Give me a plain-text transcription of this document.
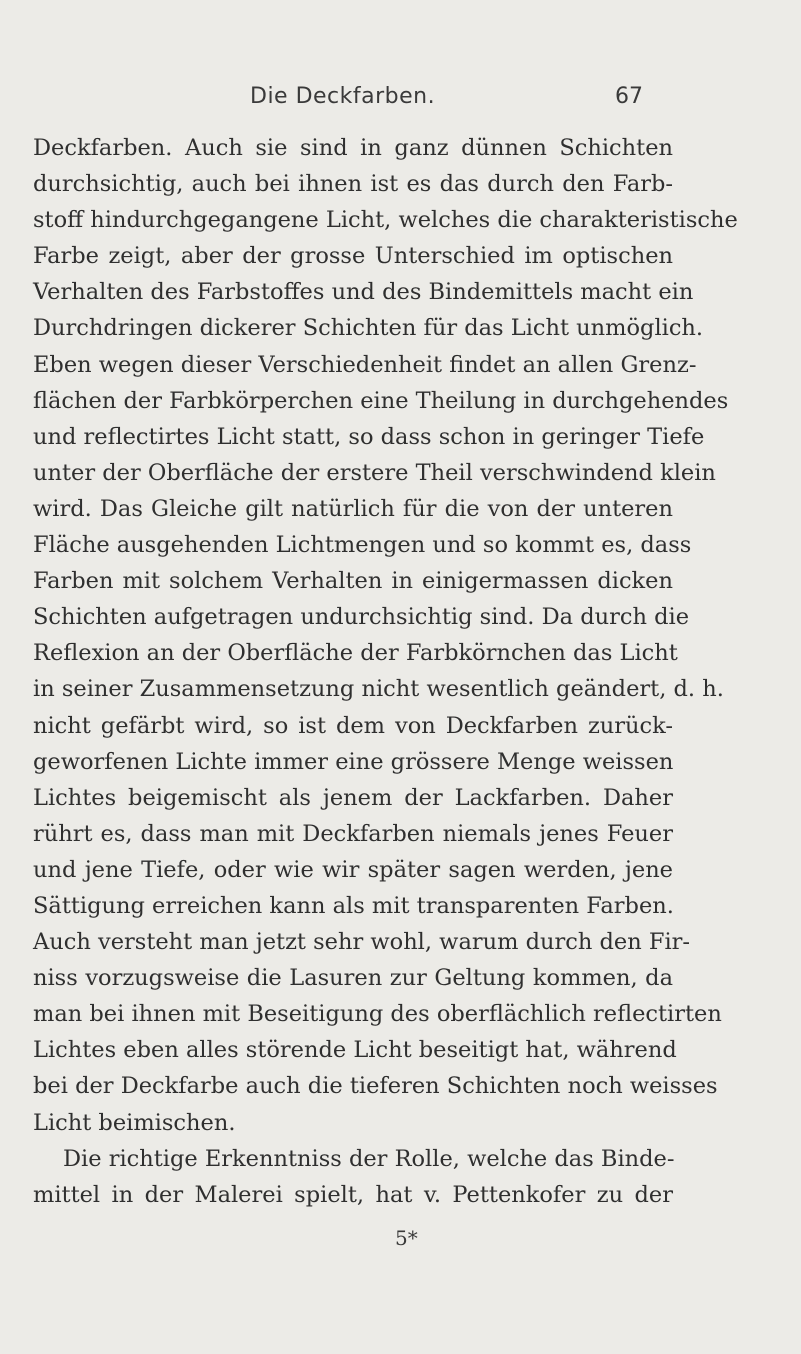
Die Deckfarben.	67
Deckfarben. Auch sie sind in ganz dünnen Schichten
durchsichtig, auch bei ihnen ist es das durch den Farb-
stoff hindurchgegangene Licht, welches die charakteristische
Farbe zeigt, aber der grosse Unterschied im optischen
Verhalten des Farbstoffes und des Bindemittels macht ein
Durchdringen dickerer Schichten für das Licht unmöglich.
Eben wegen dieser Verschiedenheit findet an allen Grenz-
flächen der Farbkörperchen eine Theilung in durchgehendes
und reflectirtes Licht statt, so dass schon in geringer Tiefe
unter der Oberfläche der erstere Theil verschwindend klein
wird. Das Gleiche gilt natürlich für die von der unteren
Fläche ausgehenden Lichtmengen und so kommt es, dass
Farben mit solchem Verhalten in einigermassen dicken
Schichten aufgetragen undurchsichtig sind. Da durch die
Reflexion an der Oberfläche der Farbkörnchen das Licht
in seiner Zusammensetzung nicht wesentlich geändert, d. h.
nicht gefärbt wird, so ist dem von Deckfarben zurück-
geworfenen Lichte immer eine grössere Menge weissen
Lichtes beigemischt als jenem der Lackfarben. Daher
rührt es, dass man mit Deckfarben niemals jenes Feuer
und jene Tiefe, oder wie wir später sagen werden, jene
Sättigung erreichen kann als mit transparenten Farben.
Auch versteht man jetzt sehr wohl, warum durch den Fir-
niss vorzugsweise die Lasuren zur Geltung kommen, da
man bei ihnen mit Beseitigung des oberflächlich reflectirten
Lichtes eben alles störende Licht beseitigt hat, während
bei der Deckfarbe auch die tieferen Schichten noch weisses
Licht beimischen.
Die richtige Erkenntniss der Rolle, welche das Binde-
mittel in der Malerei spielt, hat v. Pettenkofer zu der
5*
